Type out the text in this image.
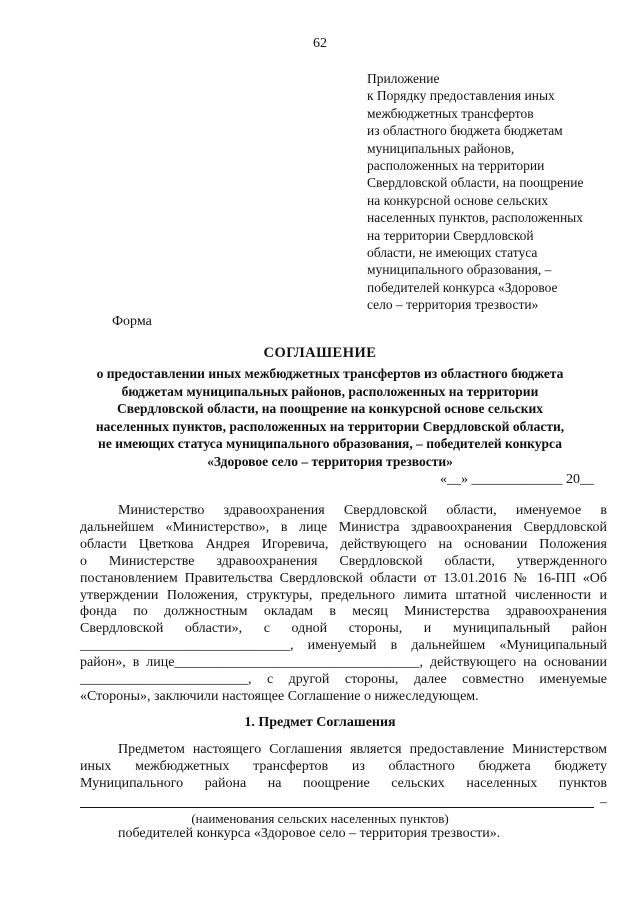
62
Приложение
к Порядку предоставления иных
межбюджетных трансфертов
из областного бюджета бюджетам
муниципальных районов,
расположенных на территории
Свердловской области, на поощрение
на конкурсной основе сельских
населенных пунктов, расположенных
на территории Свердловской
области, не имеющих статуса
муниципального образования, –
победителей конкурса «Здоровое
село – территория трезвости»
Форма
СОГЛАШЕНИЕ
о предоставлении иных межбюджетных трансфертов из областного бюджета
бюджетам муниципальных районов, расположенных на территории
Свердловской области, на поощрение на конкурсной основе сельских
населенных пунктов, расположенных на территории Свердловской области,
не имеющих статуса муниципального образования, – победителей конкурса
«Здоровое село – территория трезвости»
«__» _____________ 20__
Министерство здравоохранения Свердловской области, именуемое в
дальнейшем «Министерство», в лице Министра здравоохранения Свердловской
области Цветкова Андрея Игоревича, действующего на основании Положения
о Министерстве здравоохранения Свердловской области, утвержденного
постановлением Правительства Свердловской области от 13.01.2016 № 16-ПП «Об
утверждении Положения, структуры, предельного лимита штатной численности и
фонда по должностным окладам в месяц Министерства здравоохранения
Свердловской области», с одной стороны, и муниципальный район
______________________________, именуемый в дальнейшем «Муниципальный
район», в лице___________________________________, действующего на основании
________________________, с другой стороны, далее совместно именуемые
«Стороны», заключили настоящее Соглашение о нижеследующем.
1. Предмет Соглашения
Предметом настоящего Соглашения является предоставление Министерством
иных межбюджетных трансфертов из областного бюджета бюджету
Муниципального района на поощрение сельских населенных пунктов
–
(наименования сельских населенных пунктов)
победителей конкурса «Здоровое село – территория трезвости».
